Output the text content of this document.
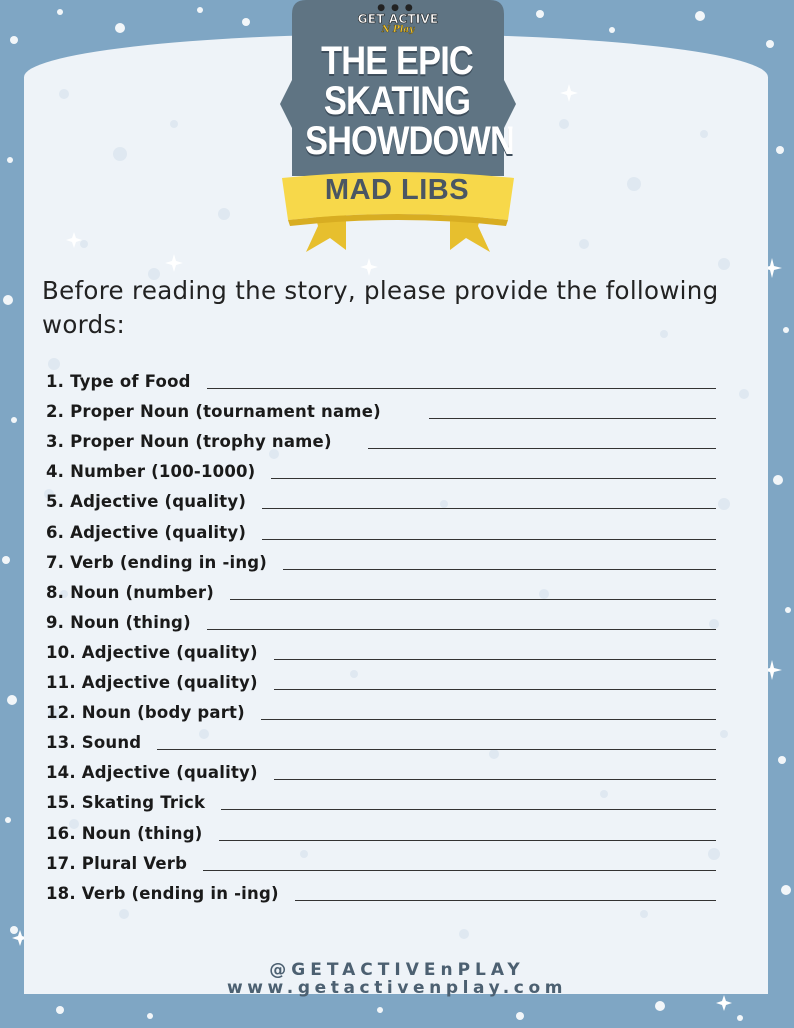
●●●
GET ACTIVE
N Play
THE EPIC
SKATING
SHOWDOWN
MAD LIBS
Before reading the story, please provide the following words:
1. Type of Food
2. Proper Noun (tournament name)
3. Proper Noun (trophy name)
4. Number (100-1000)
5. Adjective (quality)
6. Adjective (quality)
7. Verb (ending in -ing)
8. Noun (number)
9. Noun (thing)
10. Adjective (quality)
11. Adjective (quality)
12. Noun (body part)
13. Sound
14. Adjective (quality)
15. Skating Trick
16. Noun (thing)
17. Plural Verb
18. Verb (ending in -ing)
@GETACTIVEnPLAY
www.getactivenplay.com
